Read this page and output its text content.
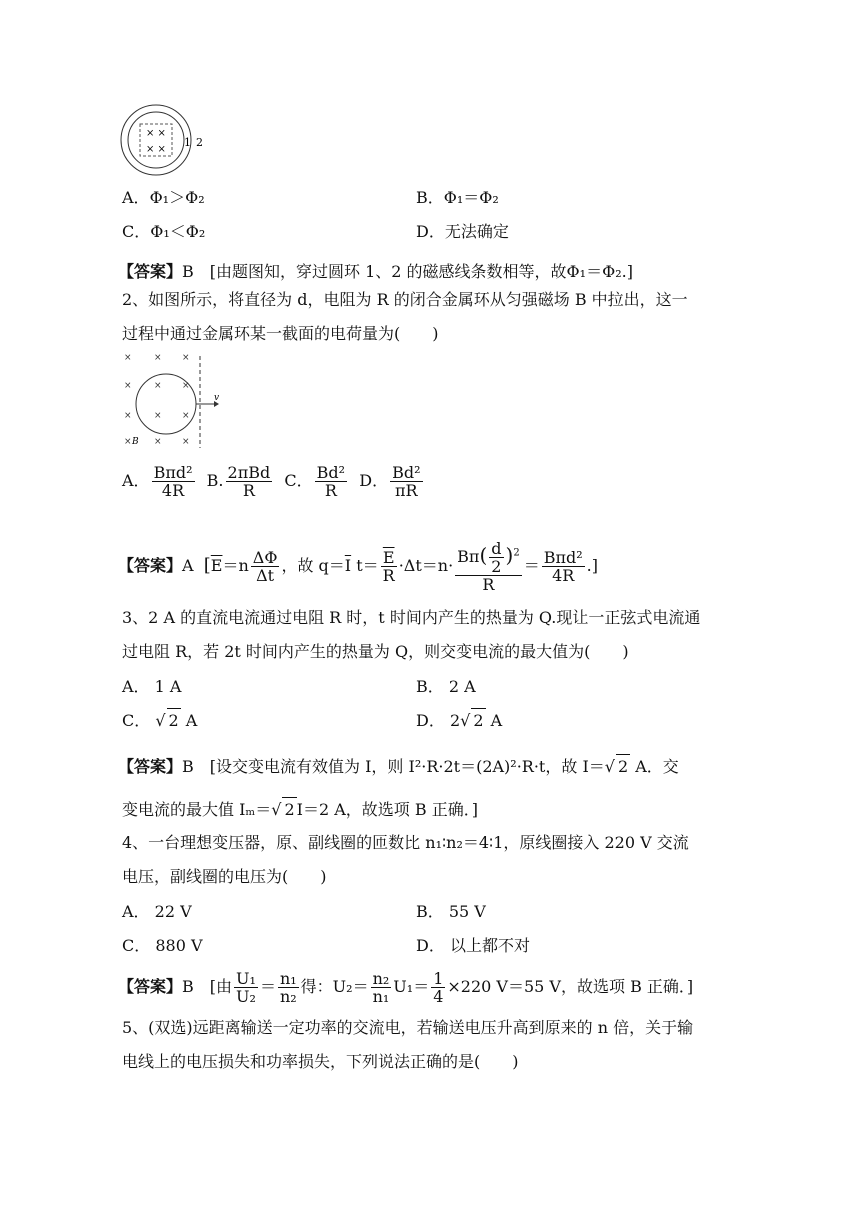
× ×
× ×
1 2
A．Φ₁＞Φ₂	B．Φ₁＝Φ₂
C．Φ₁＜Φ₂	D．无法确定
【答案】B　[由题图知，穿过圆环 1、2 的磁感线条数相等，故Φ₁＝Φ₂.]
2、如图所示，将直径为 d，电阻为 R 的闭合金属环从匀强磁场 B 中拉出，这一
过程中通过金属环某一截面的电荷量为(　　)
× × ×
× × ×
× × ×
× × ×
v
B
A． $\frac{\text{Bπd²}}{4R} B$. $\frac{\text{2πBd}}{R}$ C． $\frac{\text{Bd²}}{R}$ D． $\frac{\text{Bd²}}{\pi R}$
【答案】A [$\overline{E}=n \frac{\Delta\Phi}{\Delta t}$ ，故 $q=\overline{I}$ $t= \frac{\overline{E}}{R} \cdot\Delta t=n\cdot \frac{B\pi( \frac{d}{2} )^2}{R} = \frac{\text{Bπd²}}{4R}$ .]
3、2 A 的直流电流通过电阻 R 时，t 时间内产生的热量为 Q.现让一正弦式电流通
过电阻 R，若 2t 时间内产生的热量为 Q，则交变电流的最大值为(　　)
A． 1 A	B． 2 A
C． √ 2 A	D． 2√ 2 A
【答案】B　[设交变电流有效值为 I，则 I²·R·2t＝(2A)²·R·t，故 I＝√ 2 A．交
变电流的最大值 Iₘ＝√ 2 I＝2 A，故选项 B 正确．]
4、一台理想变压器，原、副线圈的匝数比 n₁∶n₂＝4∶1，原线圈接入 220 V 交流
电压，副线圈的电压为(　　)
A． 22 V	B． 55 V
C． 880 V	D． 以上都不对
【答案】B　[由 $\frac{\text{U₁}}{\text{U₂}} = \frac{\text{n₁}}{\text{n₂}}$ 得：$U_2= \frac{\text{n₂}}{\text{n₁}} U_1= \frac{1}{4} \times 220$ V＝55 V，故选项 B 正确．]
5、(双选)远距离输送一定功率的交流电，若输送电压升高到原来的 n 倍，关于输
电线上的电压损失和功率损失，下列说法正确的是(　　)
